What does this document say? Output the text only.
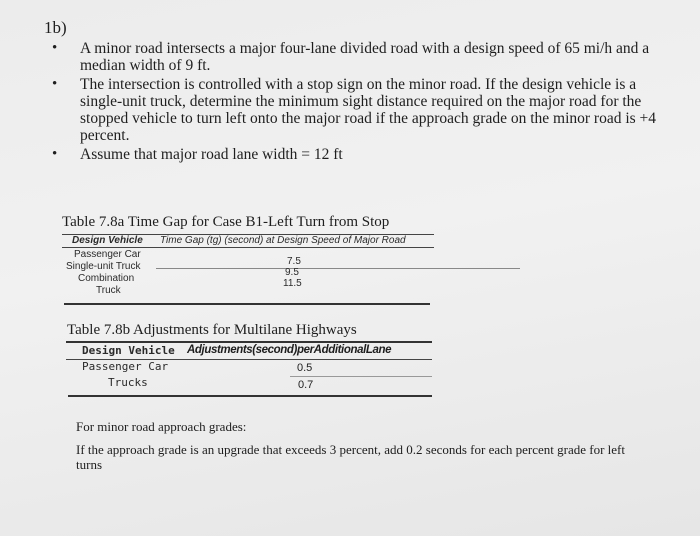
1b)
• A minor road intersects a major four-lane divided road with a design speed of 65 mi/h and a median width of 9 ft.
• The intersection is controlled with a stop sign on the minor road. If the design vehicle is a single-unit truck, determine the minimum sight distance required on the major road for the stopped vehicle to turn left onto the major road if the approach grade on the minor road is +4 percent.
• Assume that major road lane width = 12 ft
Table 7.8a Time Gap for Case B1-Left Turn from Stop
Design Vehicle Time Gap (tg) (second) at Design Speed of Major Road
Passenger Car
7.5
Single-unit Truck
9.5
Combination
Truck
11.5
Table 7.8b Adjustments for Multilane Highways
Design Vehicle Adjustments(second)perAdditionalLane
Passenger Car	0.5
Trucks	0.7
For minor road approach grades:
If the approach grade is an upgrade that exceeds 3 percent, add 0.2 seconds for each percent grade for left turns
